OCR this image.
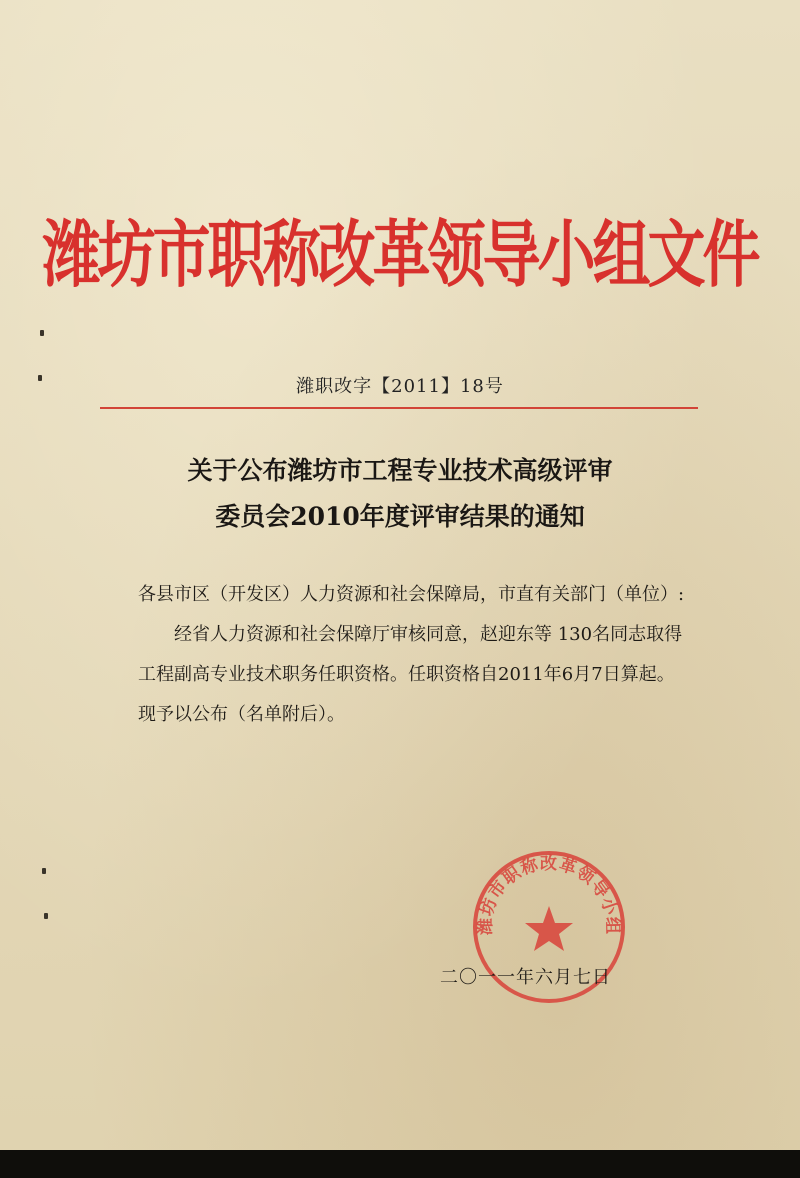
潍坊市职称改革领导小组文件
潍职改字【2011】18号
关于公布潍坊市工程专业技术高级评审
委员会2010年度评审结果的通知

各县市区（开发区）人力资源和社会保障局，市直有关部门（单位）:

经省人力资源和社会保障厅审核同意，赵迎东等 130名同志取得工程副高专业技术职务任职资格。任职资格自2011年6月7日算起。现予以公布（名单附后）。

潍坊市职称改革领导小组
二〇一一年六月七日
